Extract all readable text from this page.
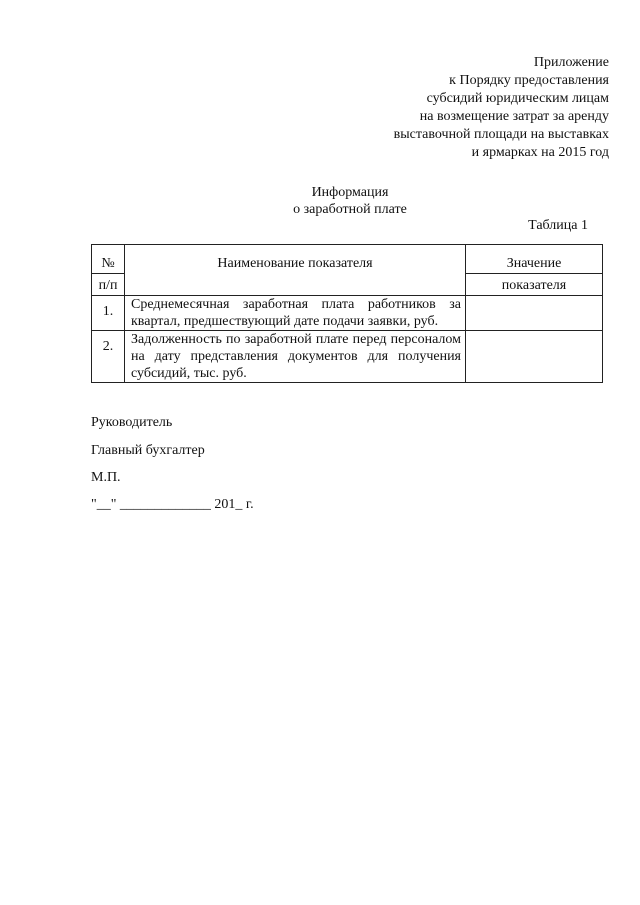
Приложение
к Порядку предоставления
субсидий юридическим лицам
на возмещение затрат за аренду
выставочной площади на выставках
и ярмарках на 2015 год
Информация
о заработной плате
Таблица 1
№	Наименование показателя	Значение
п/п		показателя
1.	Среднемесячная заработная плата работников за квартал, предшествующий дате подачи заявки, руб.	
2.	Задолженность по заработной плате перед персоналом на дату представления документов для получения субсидий, тыс. руб.	
Руководитель
Главный бухгалтер
М.П.
"__" _____________ 201_ г.
